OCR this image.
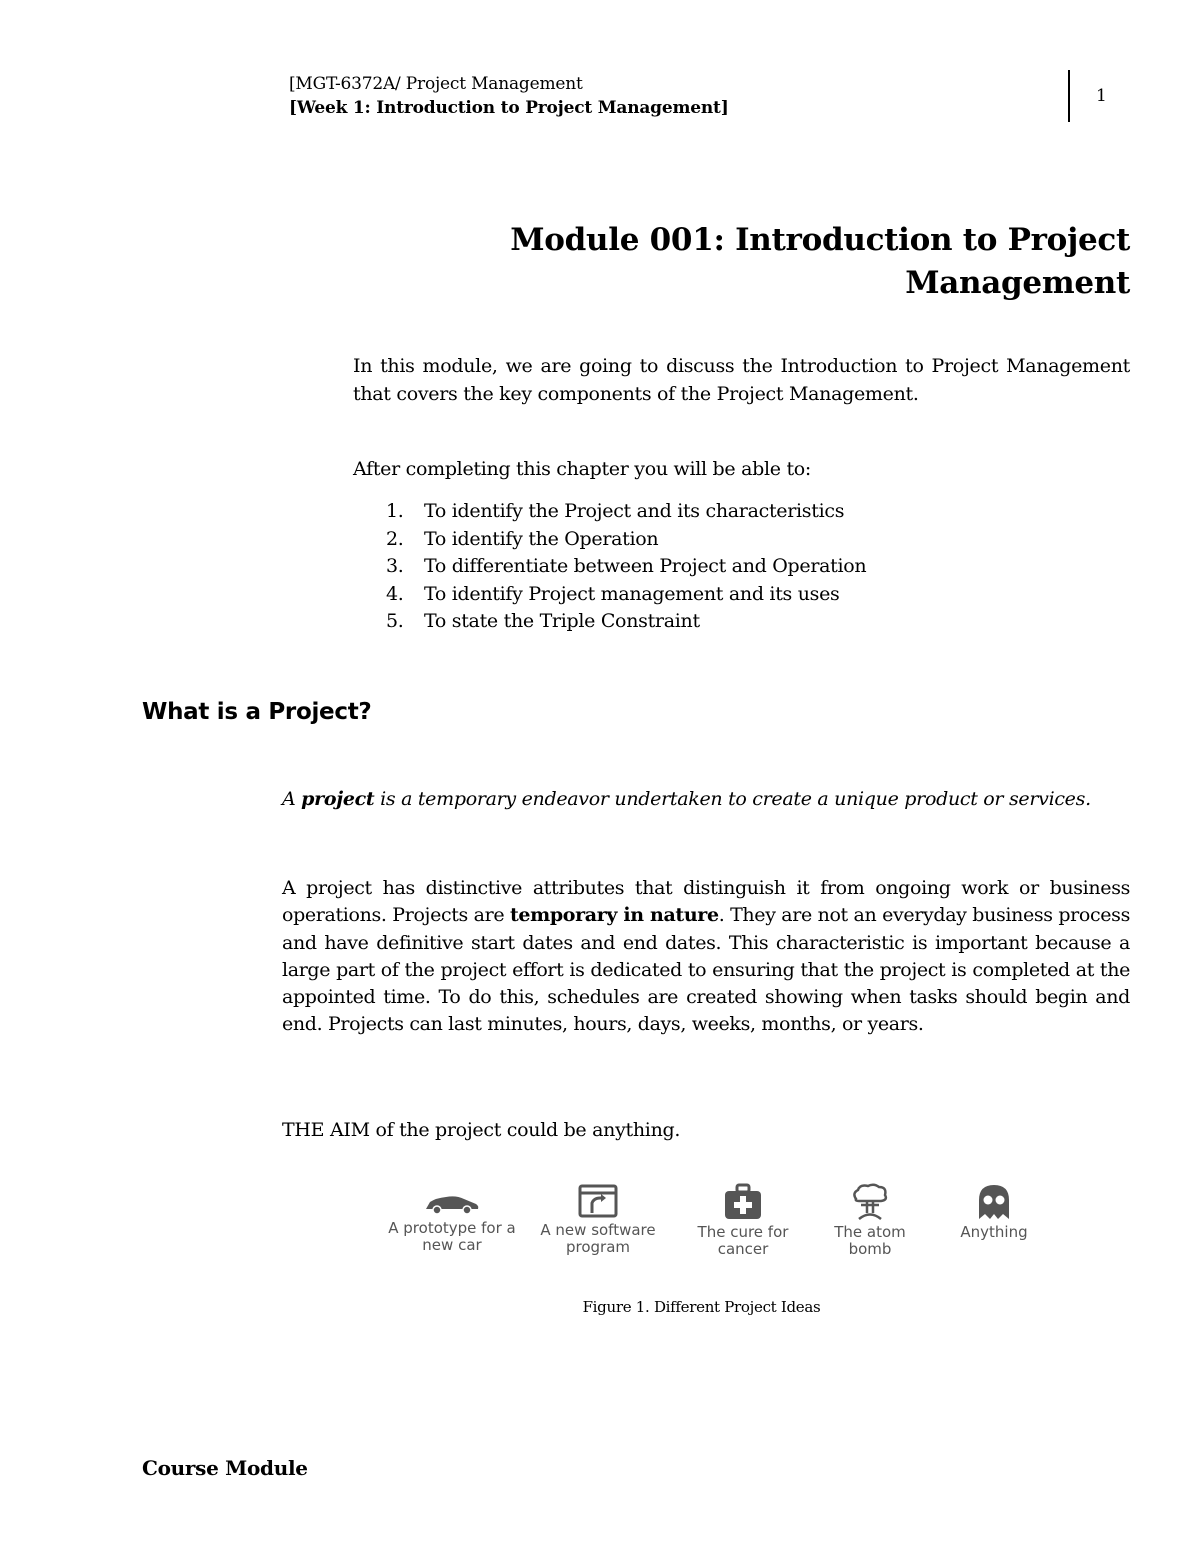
[MGT-6372A/ Project Management
[Week 1: Introduction to Project Management]
1
Module 001: Introduction to Project
Management
In this module, we are going to discuss the Introduction to Project Management that covers the key components of the Project Management.
After completing this chapter you will be able to:
1. To identify the Project and its characteristics
2. To identify the Operation
3. To differentiate between Project and Operation
4. To identify Project management and its uses
5. To state the Triple Constraint
What is a Project?
A project is a temporary endeavor undertaken to create a unique product or services.
A project has distinctive attributes that distinguish it from ongoing work or business operations. Projects are temporary in nature. They are not an everyday business process and have definitive start dates and end dates. This characteristic is important because a large part of the project effort is dedicated to ensuring that the project is completed at the appointed time. To do this, schedules are created showing when tasks should begin and end. Projects can last minutes, hours, days, weeks, months, or years.
THE AIM of the project could be anything.
A prototype for a
new car
A new software
program
The cure for
cancer
The atom
bomb
Anything
Figure 1. Different Project Ideas
Course Module
